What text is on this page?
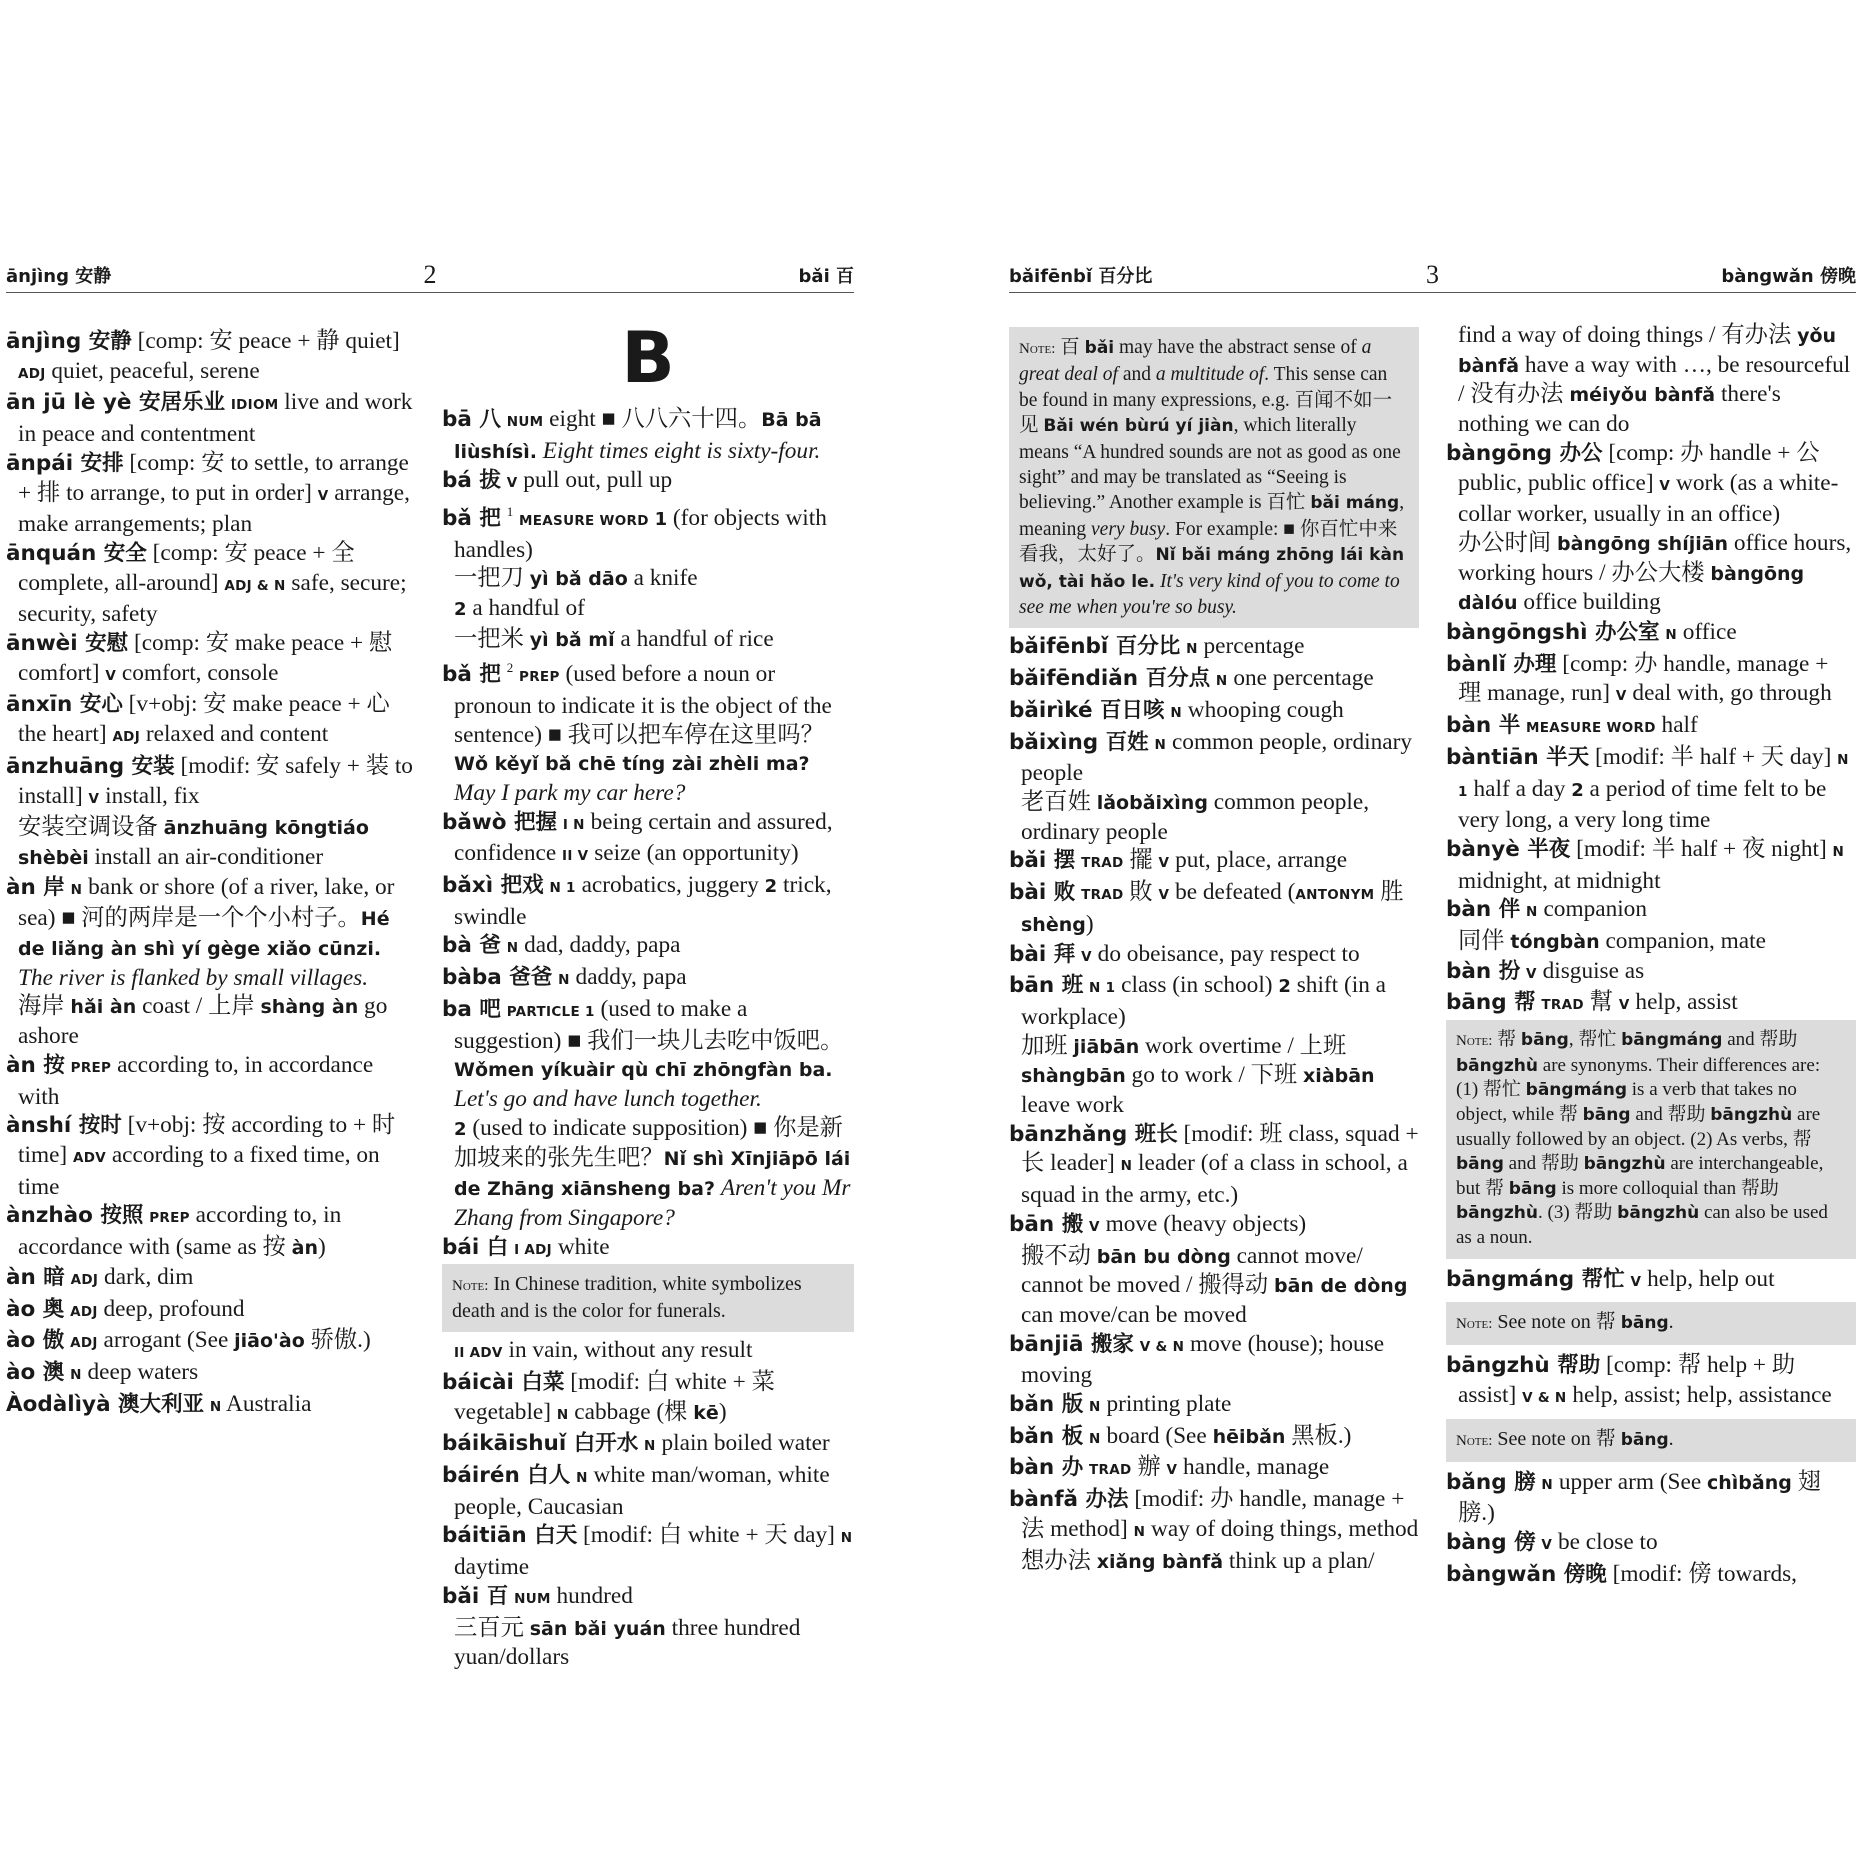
ānjìng 安静	2	bǎi 百
ānjìng 安静 [comp: 安 peace + 静 quiet]
ADJ quiet, peaceful, serene
ān jū lè yè 安居乐业 IDIOM live and work in peace and contentment
ānpái 安排 [comp: 安 to settle, to arrange + 排 to arrange, to put in order] V arrange, make arrangements; plan
ānquán 安全 [comp: 安 peace + 全 complete, all-around] ADJ & N safe, secure; security, safety
ānwèi 安慰 [comp: 安 make peace + 慰 comfort] V comfort, console
ānxīn 安心 [v+obj: 安 make peace + 心 the heart] ADJ relaxed and content
ānzhuāng 安装 [modif: 安 safely + 装 to install] V install, fix
安装空调设备 ānzhuāng kōngtiáo shèbèi install an air-conditioner
àn 岸 N bank or shore (of a river, lake, or sea) ■ 河的两岸是一个个小村子。Hé de liǎng àn shì yí gège xiǎo cūnzi. The river is flanked by small villages.
海岸 hǎi àn coast / 上岸 shàng àn go ashore
àn 按 PREP according to, in accordance with
ànshí 按时 [v+obj: 按 according to + 时 time] ADV according to a fixed time, on time
ànzhào 按照 PREP according to, in accordance with (same as 按 àn)
àn 暗 ADJ dark, dim
ào 奥 ADJ deep, profound
ào 傲 ADJ arrogant (See jiāo'ào 骄傲.)
ào 澳 N deep waters
Àodàlìyà 澳大利亚 N Australia
B
bā 八 NUM eight ■ 八八六十四。Bā bā liùshísì. Eight times eight is sixty-four.
bá 拔 V pull out, pull up
bǎ 把 $^1$ MEASURE WORD 1 (for objects with handles)
一把刀 yì bǎ dāo a knife
2 a handful of
一把米 yì bǎ mǐ a handful of rice
bǎ 把 $^2$ PREP (used before a noun or pronoun to indicate it is the object of the sentence) ■ 我可以把车停在这里吗？Wǒ kěyǐ bǎ chē tíng zài zhèli ma? May I park my car here?
bǎwò 把握 I N being certain and assured, confidence II V seize (an opportunity)
bǎxì 把戏 N 1 acrobatics, juggery 2 trick, swindle
bà 爸 N dad, daddy, papa
bàba 爸爸 N daddy, papa
ba 吧 PARTICLE 1 (used to make a suggestion) ■ 我们一块儿去吃中饭吧。Wǒmen yíkuàir qù chī zhōngfàn ba. Let's go and have lunch together.
2 (used to indicate supposition) ■ 你是新加坡来的张先生吧？Nǐ shì Xīnjiāpō lái de Zhāng xiānsheng ba? Aren't you Mr Zhang from Singapore?
bái 白 I ADJ white
Note: In Chinese tradition, white symbolizes death and is the color for funerals.
II ADV in vain, without any result
báicài 白菜 [modif: 白 white + 菜 vegetable] N cabbage (棵 kē)
báikāishuǐ 白开水 N plain boiled water
báirén 白人 N white man/woman, white people, Caucasian
báitiān 白天 [modif: 白 white + 天 day] N daytime
bǎi 百 NUM hundred
三百元 sān bǎi yuán three hundred yuan/dollars
bǎifēnbǐ 百分比	3	bàngwǎn 傍晚
Note: 百 bǎi may have the abstract sense of a great deal of and a multitude of. This sense can be found in many expressions, e.g. 百闻不如一见 Bǎi wén bùrú yí jiàn, which literally means “A hundred sounds are not as good as one sight” and may be translated as “Seeing is believing.” Another example is 百忙 bǎi máng, meaning very busy. For example: ■ 你百忙中来看我，太好了。Nǐ bǎi máng zhōng lái kàn wǒ, tài hǎo le. It's very kind of you to come to see me when you're so busy.
bǎifēnbǐ 百分比 N percentage
bǎifēndiǎn 百分点 N one percentage
bǎirìké 百日咳 N whooping cough
bǎixìng 百姓 N common people, ordinary people
老百姓 lǎobǎixìng common people, ordinary people
bǎi 摆 TRAD 擺 V put, place, arrange
bài 败 TRAD 敗 V be defeated (ANTONYM 胜 shèng)
bài 拜 V do obeisance, pay respect to
bān 班 N 1 class (in school) 2 shift (in a workplace)
加班 jiābān work overtime / 上班 shàngbān go to work / 下班 xiàbān leave work
bānzhǎng 班长 [modif: 班 class, squad + 长 leader] N leader (of a class in school, a squad in the army, etc.)
bān 搬 V move (heavy objects)
搬不动 bān bu dòng cannot move/ cannot be moved / 搬得动 bān de dòng can move/can be moved
bānjiā 搬家 V & N move (house); house moving
bǎn 版 N printing plate
bǎn 板 N board (See hēibǎn 黑板.)
bàn 办 TRAD 辦 V handle, manage
bànfǎ 办法 [modif: 办 handle, manage + 法 method] N way of doing things, method
想办法 xiǎng bànfǎ think up a plan/
find a way of doing things / 有办法 yǒu bànfǎ have a way with …, be resourceful / 没有办法 méiyǒu bànfǎ there's nothing we can do
bàngōng 办公 [comp: 办 handle + 公 public, public office] V work (as a white-collar worker, usually in an office)
办公时间 bàngōng shíjiān office hours, working hours / 办公大楼 bàngōng dàlóu office building
bàngōngshì 办公室 N office
bànlǐ 办理 [comp: 办 handle, manage + 理 manage, run] V deal with, go through
bàn 半 MEASURE WORD half
bàntiān 半天 [modif: 半 half + 天 day] N 1 half a day 2 a period of time felt to be very long, a very long time
bànyè 半夜 [modif: 半 half + 夜 night] N midnight, at midnight
bàn 伴 N companion
同伴 tóngbàn companion, mate
bàn 扮 V disguise as
bāng 帮 TRAD 幫 V help, assist
Note: 帮 bāng, 帮忙 bāngmáng and 帮助 bāngzhù are synonyms. Their differences are: (1) 帮忙 bāngmáng is a verb that takes no object, while 帮 bāng and 帮助 bāngzhù are usually followed by an object. (2) As verbs, 帮 bāng and 帮助 bāngzhù are interchangeable, but 帮 bāng is more colloquial than 帮助 bāngzhù. (3) 帮助 bāngzhù can also be used as a noun.
bāngmáng 帮忙 V help, help out
Note: See note on 帮 bāng.
bāngzhù 帮助 [comp: 帮 help + 助 assist] V & N help, assist; help, assistance
Note: See note on 帮 bāng.
bǎng 膀 N upper arm (See chìbǎng 翅膀.)
bàng 傍 V be close to
bàngwǎn 傍晚 [modif: 傍 towards,
